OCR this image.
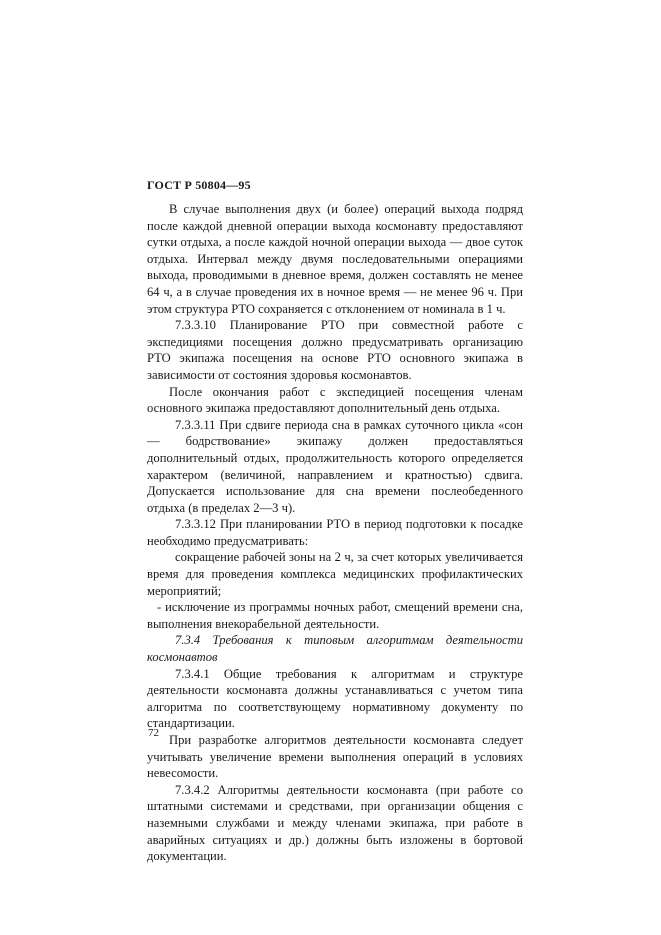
ГОСТ Р 50804—95

В случае выполнения двух (и более) операций выхода подряд после каждой дневной операции выхода космонавту предоставляют сутки отдыха, а после каждой ночной операции выхода — двое суток отдыха. Интервал между двумя последовательными операциями выхода, проводимыми в дневное время, должен составлять не менее 64 ч, а в случае проведения их в ночное время — не менее 96 ч. При этом структура РТО сохраняется с отклонением от номинала в 1 ч.

7.3.3.10 Планирование РТО при совместной работе с экспедициями посещения должно предусматривать организацию РТО экипажа посещения на основе РТО основного экипажа в зависимости от состояния здоровья космонавтов.

После окончания работ с экспедицией посещения членам основного экипажа предоставляют дополнительный день отдыха.

7.3.3.11 При сдвиге периода сна в рамках суточного цикла «сон — бодрствование» экипажу должен предоставляться дополнительный отдых, продолжительность которого определяется характером (величиной, направлением и кратностью) сдвига. Допускается использование для сна времени послеобеденного отдыха (в пределах 2—3 ч).

7.3.3.12 При планировании РТО в период подготовки к посадке необходимо предусматривать:

сокращение рабочей зоны на 2 ч, за счет которых увеличивается время для проведения комплекса медицинских профилактических мероприятий;

- исключение из программы ночных работ, смещений времени сна, выполнения внекорабельной деятельности.

7.3.4 Требования к типовым алгоритмам деятельности космонавтов

7.3.4.1 Общие требования к алгоритмам и структуре деятельности космонавта должны устанавливаться с учетом типа алгоритма по соответствующему нормативному документу по стандартизации.

При разработке алгоритмов деятельности космонавта следует учитывать увеличение времени выполнения операций в условиях невесомости.

7.3.4.2 Алгоритмы деятельности космонавта (при работе со штатными системами и средствами, при организации общения с наземными службами и между членами экипажа, при работе в аварийных ситуациях и др.) должны быть изложены в бортовой документации.

72
